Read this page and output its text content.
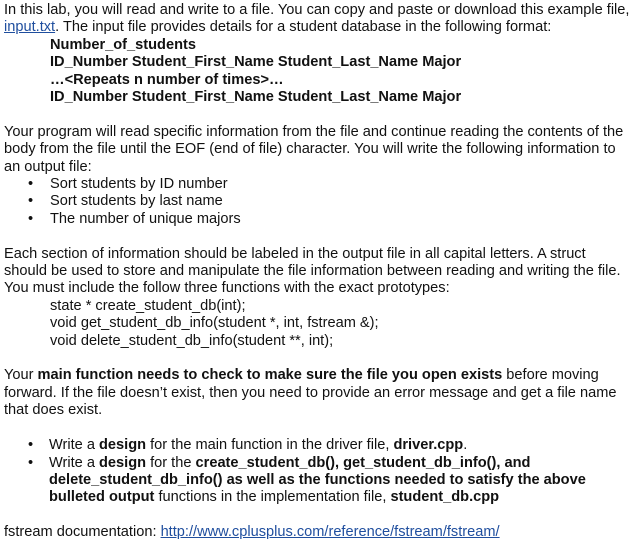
In this lab, you will read and write to a file. You can copy and paste or download this example file, input.txt. The input file provides details for a student database in the following format:

Number_of_students

ID_Number Student_First_Name Student_Last_Name Major

…<Repeats n number of times>…

ID_Number Student_First_Name Student_Last_Name Major

Your program will read specific information from the file and continue reading the contents of the body from the file until the EOF (end of file) character. You will write the following information to an output file:

• Sort students by ID number
• Sort students by last name
• The number of unique majors

Each section of information should be labeled in the output file in all capital letters. A struct should be used to store and manipulate the file information between reading and writing the file. You must include the follow three functions with the exact prototypes:

state * create_student_db(int);

void get_student_db_info(student *, int, fstream &);

void delete_student_db_info(student **, int);

Your main function needs to check to make sure the file you open exists before moving forward. If the file doesn’t exist, then you need to provide an error message and get a file name that does exist.

• Write a design for the main function in the driver file, driver.cpp.
• Write a design for the create_student_db(), get_student_db_info(), and delete_student_db_info() as well as the functions needed to satisfy the above bulleted output functions in the implementation file, student_db.cpp

fstream documentation: http://www.cplusplus.com/reference/fstream/fstream/
